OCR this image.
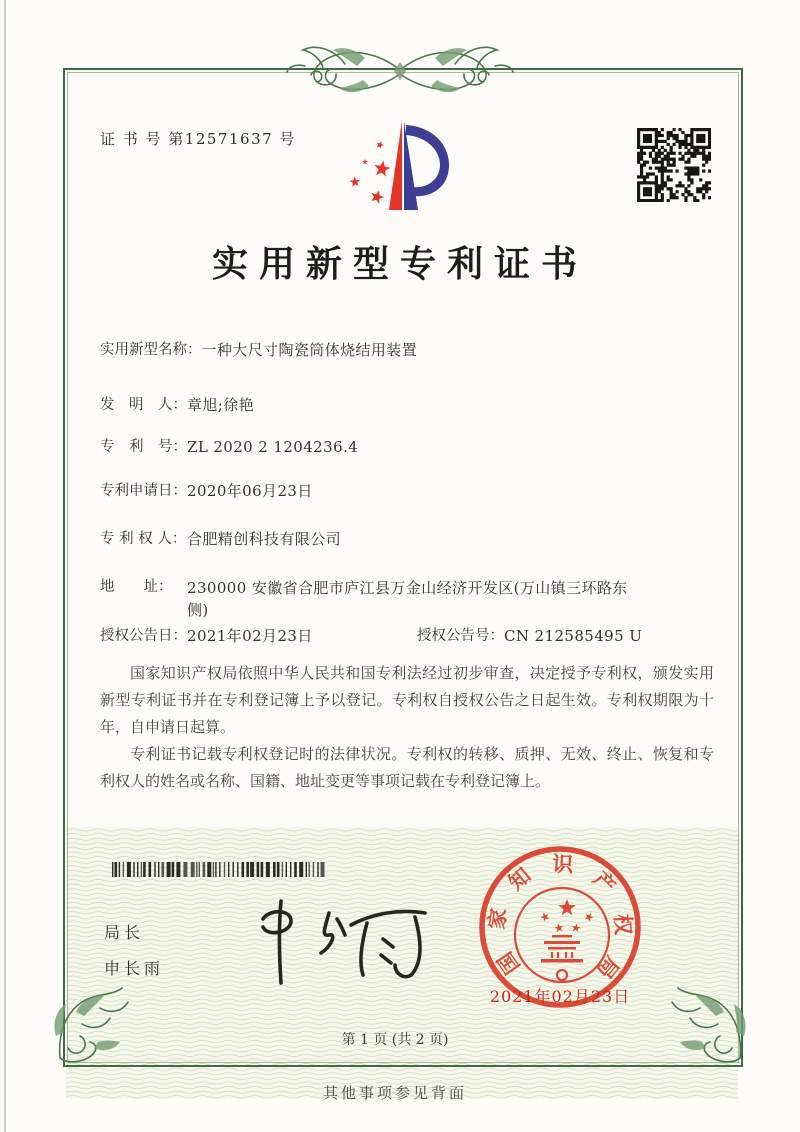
证 书 号 第12571637 号
实用新型专利证书
实用新型名称：一种大尺寸陶瓷筒体烧结用装置
发　明　人：章旭;徐艳
专　利　号：ZL 2020 2 1204236.4
专利申请日：2020年06月23日
专 利 权 人：合肥精创科技有限公司
地　　址： 230000 安徽省合肥市庐江县万金山经济开发区(万山镇三环路东侧)
授权公告日：2021年02月23日	授权公告号：CN 212585495 U

国家知识产权局依照中华人民共和国专利法经过初步审查，决定授予专利权，颁发实用新型专利证书并在专利登记簿上予以登记。专利权自授权公告之日起生效。专利权期限为十年，自申请日起算。

专利证书记载专利权登记时的法律状况。专利权的转移、质押、无效、终止、恢复和专利权人的姓名或名称、国籍、地址变更等事项记载在专利登记簿上。

局长
申长雨	国
家
知 识
产
权
局
2021年02月23日
第 1 页 (共 2 页)
其他事项参见背面
